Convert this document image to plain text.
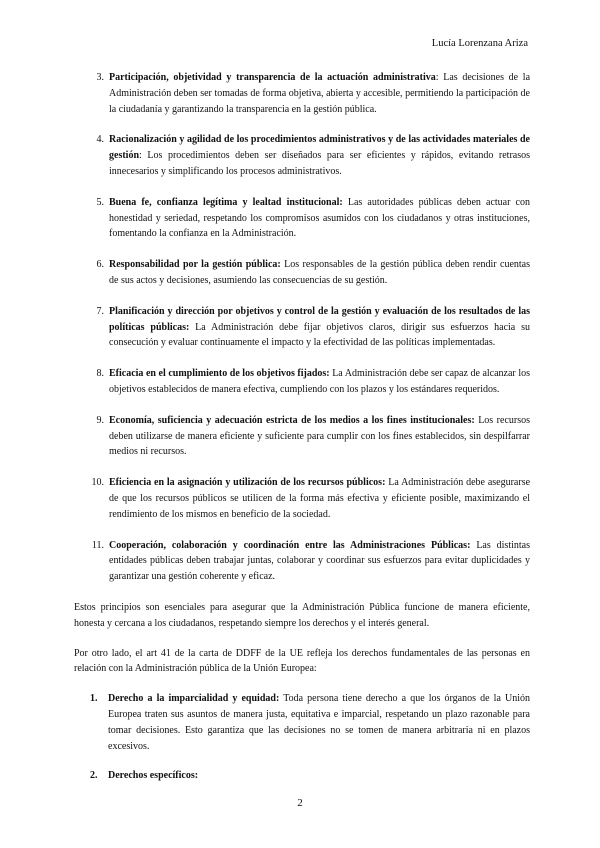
Lucía Lorenzana Ariza
3. Participación, objetividad y transparencia de la actuación administrativa: Las decisiones de la Administración deben ser tomadas de forma objetiva, abierta y accesible, permitiendo la participación de la ciudadanía y garantizando la transparencia en la gestión pública.
4. Racionalización y agilidad de los procedimientos administrativos y de las actividades materiales de gestión: Los procedimientos deben ser diseñados para ser eficientes y rápidos, evitando retrasos innecesarios y simplificando los procesos administrativos.
5. Buena fe, confianza legítima y lealtad institucional: Las autoridades públicas deben actuar con honestidad y seriedad, respetando los compromisos asumidos con los ciudadanos y otras instituciones, fomentando la confianza en la Administración.
6. Responsabilidad por la gestión pública: Los responsables de la gestión pública deben rendir cuentas de sus actos y decisiones, asumiendo las consecuencias de su gestión.
7. Planificación y dirección por objetivos y control de la gestión y evaluación de los resultados de las políticas públicas: La Administración debe fijar objetivos claros, dirigir sus esfuerzos hacia su consecución y evaluar continuamente el impacto y la efectividad de las políticas implementadas.
8. Eficacia en el cumplimiento de los objetivos fijados: La Administración debe ser capaz de alcanzar los objetivos establecidos de manera efectiva, cumpliendo con los plazos y los estándares requeridos.
9. Economía, suficiencia y adecuación estricta de los medios a los fines institucionales: Los recursos deben utilizarse de manera eficiente y suficiente para cumplir con los fines establecidos, sin despilfarrar medios ni recursos.
10. Eficiencia en la asignación y utilización de los recursos públicos: La Administración debe asegurarse de que los recursos públicos se utilicen de la forma más efectiva y eficiente posible, maximizando el rendimiento de los mismos en beneficio de la sociedad.
11. Cooperación, colaboración y coordinación entre las Administraciones Públicas: Las distintas entidades públicas deben trabajar juntas, colaborar y coordinar sus esfuerzos para evitar duplicidades y garantizar una gestión coherente y eficaz.

Estos principios son esenciales para asegurar que la Administración Pública funcione de manera eficiente, honesta y cercana a los ciudadanos, respetando siempre los derechos y el interés general.

Por otro lado, el art 41 de la carta de DDFF de la UE refleja los derechos fundamentales de las personas en relación con la Administración pública de la Unión Europea:

1.	Derecho a la imparcialidad y equidad: Toda persona tiene derecho a que los órganos de la Unión Europea traten sus asuntos de manera justa, equitativa e imparcial, respetando un plazo razonable para tomar decisiones. Esto garantiza que las decisiones no se tomen de manera arbitraria ni en plazos excesivos.
2.	Derechos específicos:
2
